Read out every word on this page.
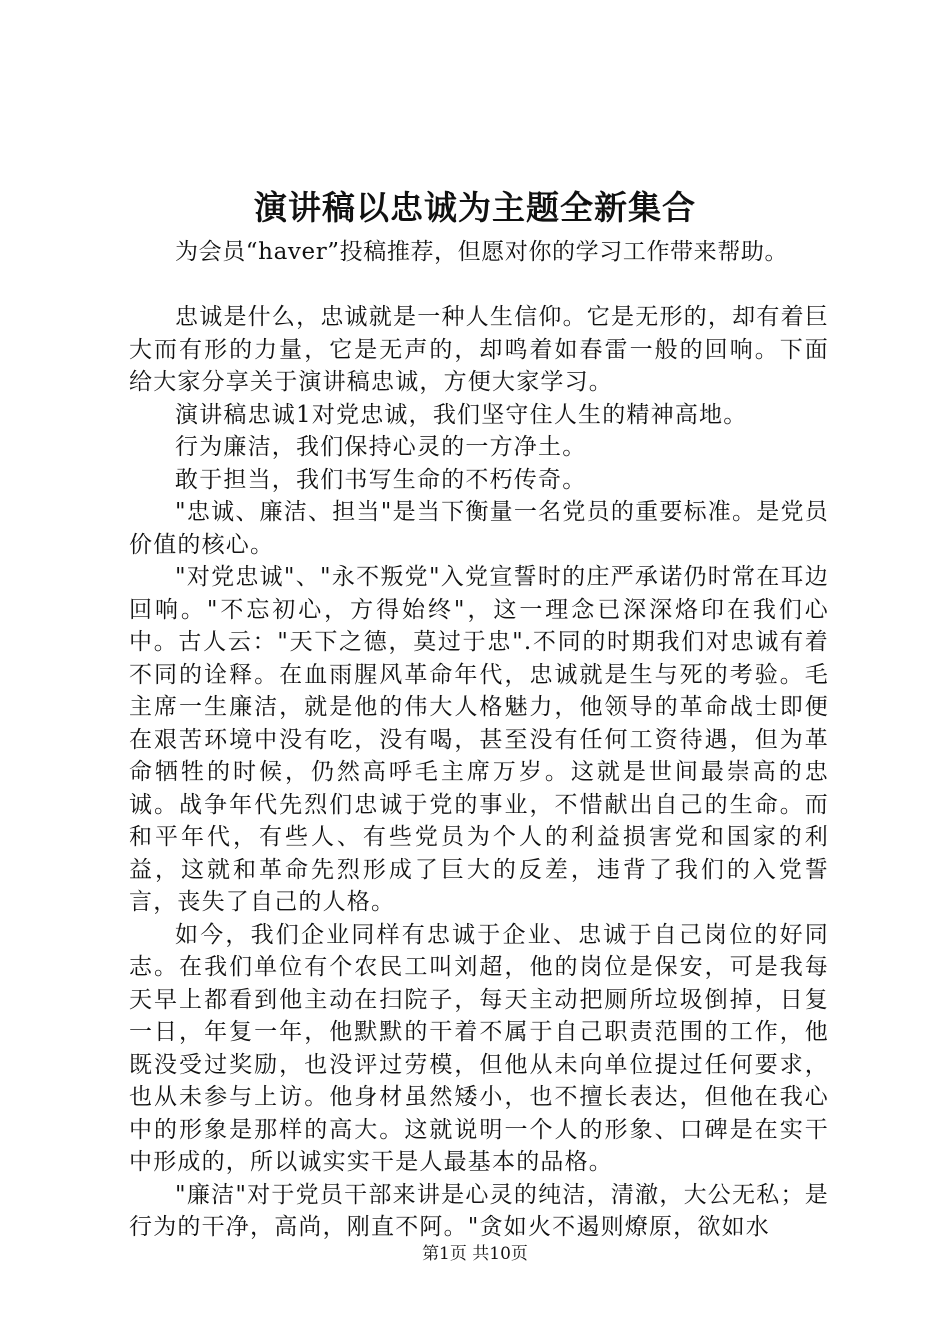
演讲稿以忠诚为主题全新集合

为会员“haver”投稿推荐，但愿对你的学习工作带来帮助。

忠诚是什么，忠诚就是一种人生信仰。它是无形的，却有着巨大而有形的力量，它是无声的，却鸣着如春雷一般的回响。下面给大家分享关于演讲稿忠诚，方便大家学习。

演讲稿忠诚1对党忠诚，我们坚守住人生的精神高地。

行为廉洁，我们保持心灵的一方净土。

敢于担当，我们书写生命的不朽传奇。

"忠诚、廉洁、担当"是当下衡量一名党员的重要标准。是党员价值的核心。

"对党忠诚"、"永不叛党"入党宣誓时的庄严承诺仍时常在耳边回响。"不忘初心，方得始终"，这一理念已深深烙印在我们心中。古人云："天下之德，莫过于忠".不同的时期我们对忠诚有着不同的诠释。在血雨腥风革命年代，忠诚就是生与死的考验。毛主席一生廉洁，就是他的伟大人格魅力，他领导的革命战士即便在艰苦环境中没有吃，没有喝，甚至没有任何工资待遇，但为革命牺牲的时候，仍然高呼毛主席万岁。这就是世间最崇高的忠诚。战争年代先烈们忠诚于党的事业，不惜献出自己的生命。而和平年代，有些人、有些党员为个人的利益损害党和国家的利益，这就和革命先烈形成了巨大的反差，违背了我们的入党誓言，丧失了自己的人格。

如今，我们企业同样有忠诚于企业、忠诚于自己岗位的好同志。在我们单位有个农民工叫刘超，他的岗位是保安，可是我每天早上都看到他主动在扫院子，每天主动把厕所垃圾倒掉，日复一日，年复一年，他默默的干着不属于自己职责范围的工作，他既没受过奖励，也没评过劳模，但他从未向单位提过任何要求，也从未参与上访。他身材虽然矮小，也不擅长表达，但他在我心中的形象是那样的高大。这就说明一个人的形象、口碑是在实干中形成的，所以诚实实干是人最基本的品格。

"廉洁"对于党员干部来讲是心灵的纯洁，清澈，大公无私；是行为的干净，高尚，刚直不阿。"贪如火不遏则燎原，欲如水

第1页 共10页
